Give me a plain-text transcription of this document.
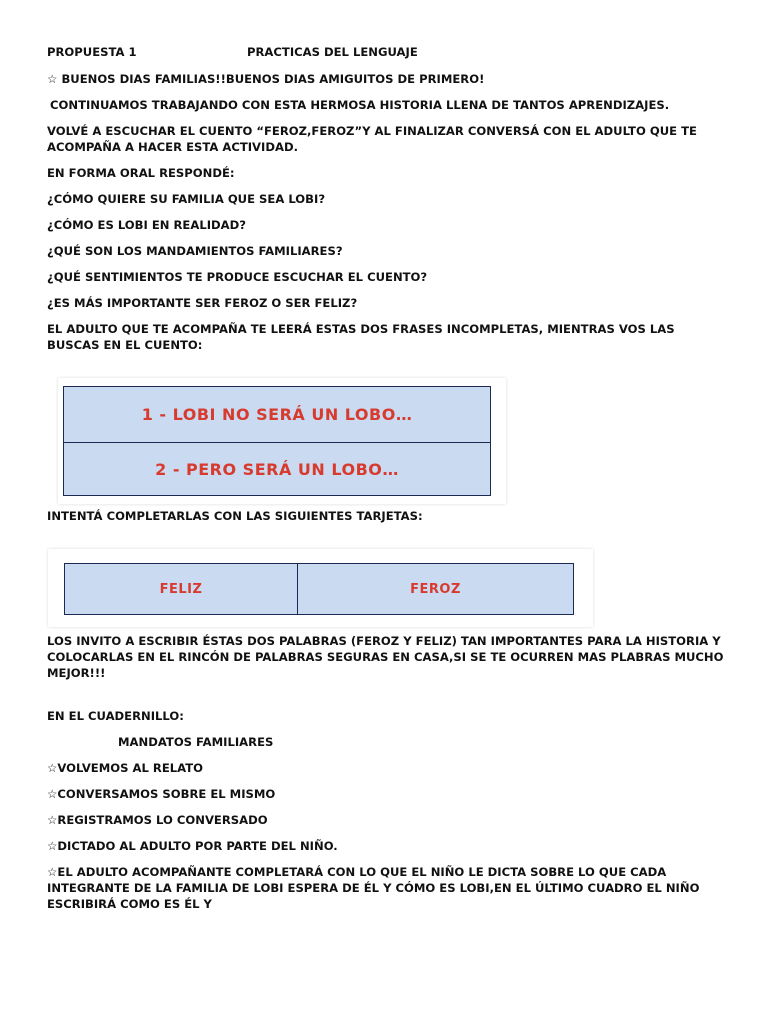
PROPUESTA 1	PRACTICAS DEL LENGUAJE
☆ BUENOS DIAS FAMILIAS!!BUENOS DIAS AMIGUITOS DE PRIMERO!
CONTINUAMOS TRABAJANDO CON ESTA HERMOSA HISTORIA LLENA DE TANTOS APRENDIZAJES.
VOLVÉ A ESCUCHAR EL CUENTO “FEROZ,FEROZ”Y AL FINALIZAR CONVERSÁ CON EL ADULTO QUE TE ACOMPAÑA A HACER ESTA ACTIVIDAD.
EN FORMA ORAL RESPONDÉ:
¿CÓMO QUIERE SU FAMILIA QUE SEA LOBI?
¿CÓMO ES LOBI EN REALIDAD?
¿QUÉ SON LOS MANDAMIENTOS FAMILIARES?
¿QUÉ SENTIMIENTOS TE PRODUCE ESCUCHAR EL CUENTO?
¿ES MÁS IMPORTANTE SER FEROZ O SER FELIZ?
EL ADULTO QUE TE ACOMPAÑA TE LEERÁ ESTAS DOS FRASES INCOMPLETAS, MIENTRAS VOS LAS BUSCAS EN EL CUENTO:
1 - LOBI NO SERÁ UN LOBO…
2 - PERO SERÁ UN LOBO…
INTENTÁ COMPLETARLAS CON LAS SIGUIENTES TARJETAS:
FELIZ	FEROZ
LOS INVITO A ESCRIBIR ÉSTAS DOS PALABRAS (FEROZ Y FELIZ) TAN IMPORTANTES PARA LA HISTORIA Y COLOCARLAS EN EL RINCÓN DE PALABRAS SEGURAS EN CASA,SI SE TE OCURREN MAS PLABRAS MUCHO MEJOR!!!
EN EL CUADERNILLO:
MANDATOS FAMILIARES
☆VOLVEMOS AL RELATO
☆CONVERSAMOS SOBRE EL MISMO
☆REGISTRAMOS LO CONVERSADO
☆DICTADO AL ADULTO POR PARTE DEL NIÑO.
☆EL ADULTO ACOMPAÑANTE COMPLETARÁ CON LO QUE EL NIÑO LE DICTA SOBRE LO QUE CADA INTEGRANTE DE LA FAMILIA DE LOBI ESPERA DE ÉL Y CÓMO ES LOBI,EN EL ÚLTIMO CUADRO EL NIÑO ESCRIBIRÁ COMO ES ÉL Y
